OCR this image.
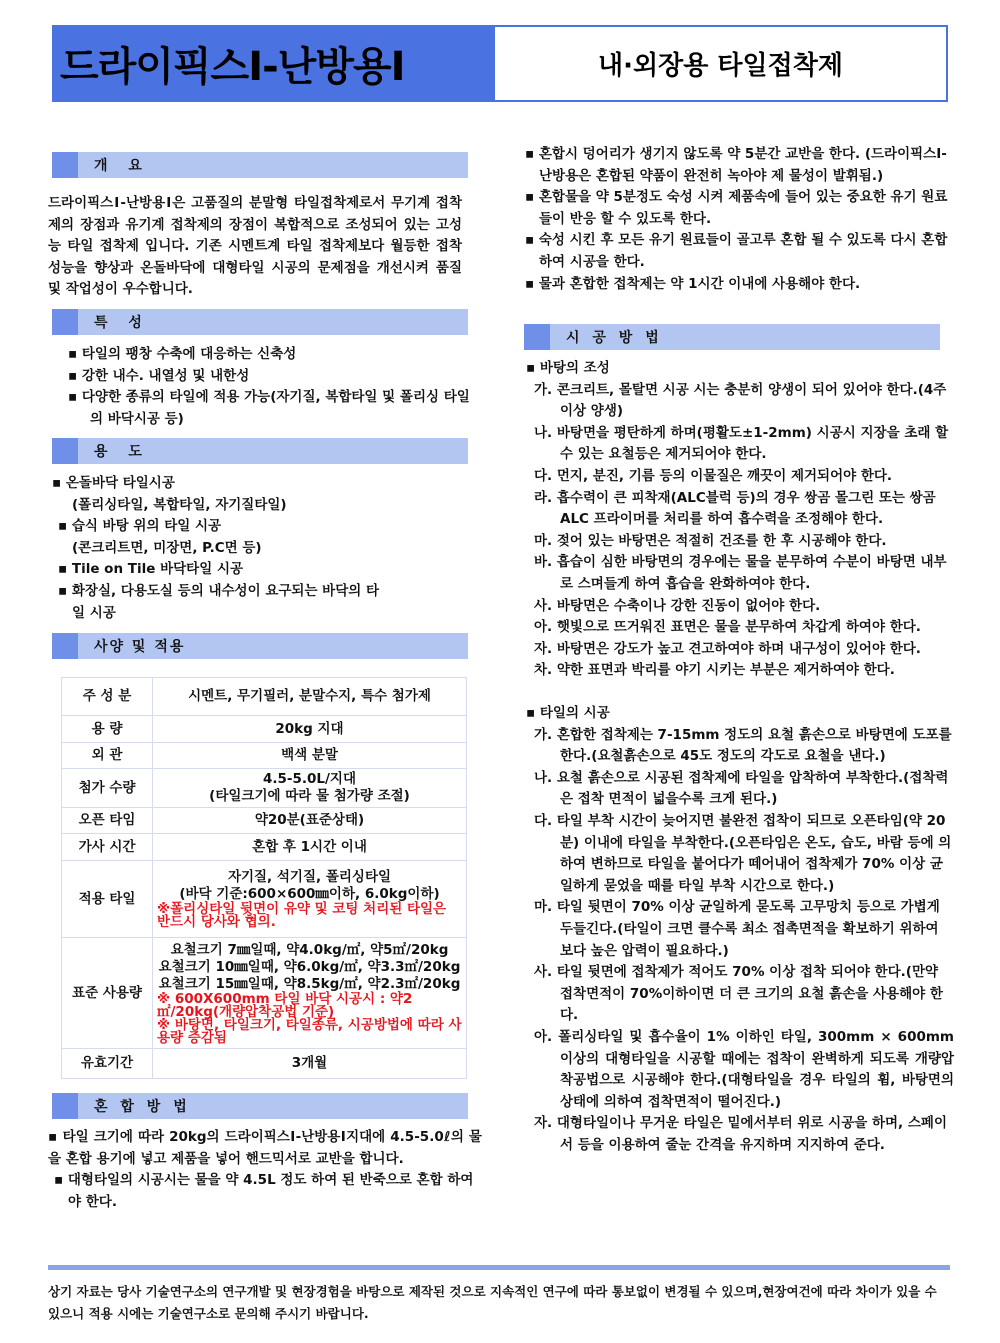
드라이픽스Ⅰ-난방용Ⅰ	내·외장용 타일접착제
개 요
드라이픽스Ⅰ-난방용Ⅰ은 고품질의 분말형 타일접착제로서 무기계 접착제의 장점과 유기계 접착제의 장점이 복합적으로 조성되어 있는 고성능 타일 접착제 입니다. 기존 시멘트계 타일 접착제보다 월등한 접착 성능을 향상과 온돌바닥에 대형타일 시공의 문제점을 개선시켜 품질 및 작업성이 우수합니다.
특 성

▪ 타일의 팽창 수축에 대응하는 신축성

▪ 강한 내수. 내열성 및 내한성

▪ 다양한 종류의 타일에 적용 가능(자기질, 복합타일 및 폴리싱 타일의 바닥시공 등)

용 도

▪ 온돌바닥 타일시공

(폴리싱타일, 복합타일, 자기질타일)

▪ 습식 바탕 위의 타일 시공

(콘크리트면, 미장면, P.C면 등)

▪ Tile on Tile 바닥타일 시공

▪ 화장실, 다용도실 등의 내수성이 요구되는 바닥의 타일 시공

사양 및 적용
주 성 분	시멘트, 무기필러, 분말수지, 특수 첨가제
용 량	20kg 지대
외 관	백색 분말
첨가 수량	4.5-5.0L/지대
(타일크기에 따라 물 첨가량 조절)

오픈 타임	약20분(표준상태)
가사 시간	혼합 후 1시간 이내
적용 타일	자기질, 석기질, 폴리싱타일
(바닥 기준:600×600㎜이하, 6.0kg이하)
※폴리싱타일 뒷면이 유약 및 코팅 처리된 타일은 반드시 당사와 협의.

표준 사용량	요철크기 7㎜일때, 약4.0kg/㎡, 약5㎡/20kg
요철크기 10㎜일때, 약6.0kg/㎡, 약3.3㎡/20kg
요철크기 15㎜일때, 약8.5kg/㎡, 약2.3㎡/20kg
※ 600X600mm 타일 바닥 시공시 : 약2㎡/20kg(개량압착공법 기준)
※ 바탕면, 타일크기, 타일종류, 시공방법에 따라 사용량 증감됨

유효기간	3개월
혼 합 방 법

▪ 타일 크기에 따라 20kg의 드라이픽스Ⅰ-난방용Ⅰ지대에 4.5-5.0ℓ의 물을 혼합 용기에 넣고 제품을 넣어 핸드믹서로 교반을 합니다.

▪ 대형타일의 시공시는 물을 약 4.5L 정도 하여 된 반죽으로 혼합 하여야 한다.

▪ 혼합시 덩어리가 생기지 않도록 약 5분간 교반을 한다. (드라이픽스Ⅰ-난방용은 혼합된 약품이 완전히 녹아야 제 물성이 발휘됨.)

▪ 혼합물을 약 5분정도 숙성 시켜 제품속에 들어 있는 중요한 유기 원료들이 반응 할 수 있도록 한다.

▪ 숙성 시킨 후 모든 유기 원료들이 골고루 혼합 될 수 있도록 다시 혼합 하여 시공을 한다.

▪ 물과 혼합한 접착제는 약 1시간 이내에 사용해야 한다.

시 공 방 법

▪ 바탕의 조성

가. 콘크리트, 몰탈면 시공 시는 충분히 양생이 되어 있어야 한다.(4주이상 양생)

나. 바탕면을 평탄하게 하며(평활도±1-2mm) 시공시 지장을 초래 할 수 있는 요철등은 제거되어야 한다.

다. 먼지, 분진, 기름 등의 이물질은 깨끗이 제거되어야 한다.

라. 흡수력이 큰 피착재(ALC블럭 등)의 경우 쌍곰 몰그린 또는 쌍곰 ALC 프라이머를 처리를 하여 흡수력을 조정해야 한다.

마. 젖어 있는 바탕면은 적절히 건조를 한 후 시공해야 한다.

바. 흡습이 심한 바탕면의 경우에는 물을 분무하여 수분이 바탕면 내부로 스며들게 하여 흡습을 완화하여야 한다.

사. 바탕면은 수축이나 강한 진동이 없어야 한다.

아. 햇빛으로 뜨거워진 표면은 물을 분무하여 차갑게 하여야 한다.

자. 바탕면은 강도가 높고 견고하여야 하며 내구성이 있어야 한다.

차. 약한 표면과 박리를 야기 시키는 부분은 제거하여야 한다.

▪ 타일의 시공

가. 혼합한 접착제는 7-15mm 정도의 요철 흙손으로 바탕면에 도포를 한다.(요철흙손으로 45도 정도의 각도로 요철을 낸다.)

나. 요철 흙손으로 시공된 접착제에 타일을 압착하여 부착한다.(접착력은 접착 면적이 넓을수록 크게 된다.)

다. 타일 부착 시간이 늦어지면 불완전 접착이 되므로 오픈타임(약 20분) 이내에 타일을 부착한다.(오픈타임은 온도, 습도, 바람 등에 의하여 변하므로 타일을 붙어다가 떼어내어 접착제가 70% 이상 균일하게 묻었을 때를 타일 부착 시간으로 한다.)

마. 타일 뒷면이 70% 이상 균일하게 묻도록 고무망치 등으로 가볍게 두들긴다.(타일이 크면 클수록 최소 접촉면적을 확보하기 위하여 보다 높은 압력이 필요하다.)

사. 타일 뒷면에 접착제가 적어도 70% 이상 접착 되어야 한다.(만약 접착면적이 70%이하이면 더 큰 크기의 요철 흙손을 사용해야 한다.

아. 폴리싱타일 및 흡수율이 1% 이하인 타일, 300mm × 600mm 이상의 대형타일을 시공할 때에는 접착이 완벽하게 되도록 개량압착공법으로 시공해야 한다.(대형타일을 경우 타일의 휨, 바탕면의 상태에 의하여 접착면적이 떨어진다.)

자. 대형타일이나 무거운 타일은 밑에서부터 위로 시공을 하며, 스페이서 등을 이용하여 줄눈 간격을 유지하며 지지하여 준다.

상기 자료는 당사 기술연구소의 연구개발 및 현장경험을 바탕으로 제작된 것으로 지속적인 연구에 따라 통보없이 변경될 수 있으며,현장여건에 따라 차이가 있을 수 있으니 적용 시에는 기술연구소로 문의해 주시기 바랍니다.
